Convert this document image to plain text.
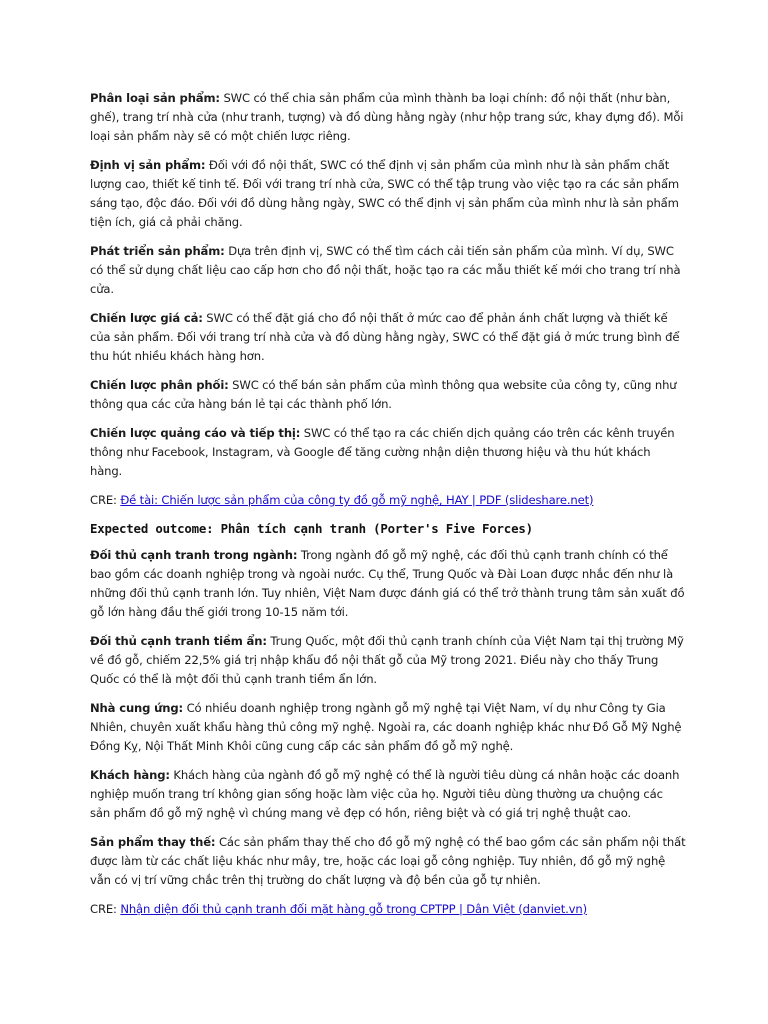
Phân loại sản phẩm: SWC có thể chia sản phẩm của mình thành ba loại chính: đồ nội thất (như bàn, ghế), trang trí nhà cửa (như tranh, tượng) và đồ dùng hằng ngày (như hộp trang sức, khay đựng đồ). Mỗi loại sản phẩm này sẽ có một chiến lược riêng.

Định vị sản phẩm: Đối với đồ nội thất, SWC có thể định vị sản phẩm của mình như là sản phẩm chất lượng cao, thiết kế tinh tế. Đối với trang trí nhà cửa, SWC có thể tập trung vào việc tạo ra các sản phẩm sáng tạo, độc đáo. Đối với đồ dùng hằng ngày, SWC có thể định vị sản phẩm của mình như là sản phẩm tiện ích, giá cả phải chăng.

Phát triển sản phẩm: Dựa trên định vị, SWC có thể tìm cách cải tiến sản phẩm của mình. Ví dụ, SWC có thể sử dụng chất liệu cao cấp hơn cho đồ nội thất, hoặc tạo ra các mẫu thiết kế mới cho trang trí nhà cửa.

Chiến lược giá cả: SWC có thể đặt giá cho đồ nội thất ở mức cao để phản ánh chất lượng và thiết kế của sản phẩm. Đối với trang trí nhà cửa và đồ dùng hằng ngày, SWC có thể đặt giá ở mức trung bình để thu hút nhiều khách hàng hơn.

Chiến lược phân phối: SWC có thể bán sản phẩm của mình thông qua website của công ty, cũng như thông qua các cửa hàng bán lẻ tại các thành phố lớn.

Chiến lược quảng cáo và tiếp thị: SWC có thể tạo ra các chiến dịch quảng cáo trên các kênh truyền thông như Facebook, Instagram, và Google để tăng cường nhận diện thương hiệu và thu hút khách hàng.

CRE: Đề tài: Chiến lược sản phẩm của công ty đồ gỗ mỹ nghệ, HAY | PDF (slideshare.net)

Expected outcome: Phân tích cạnh tranh (Porter's Five Forces)

Đối thủ cạnh tranh trong ngành: Trong ngành đồ gỗ mỹ nghệ, các đối thủ cạnh tranh chính có thể bao gồm các doanh nghiệp trong và ngoài nước. Cụ thể, Trung Quốc và Đài Loan được nhắc đến như là những đối thủ cạnh tranh lớn. Tuy nhiên, Việt Nam được đánh giá có thể trở thành trung tâm sản xuất đồ gỗ lớn hàng đầu thế giới trong 10-15 năm tới.

Đối thủ cạnh tranh tiềm ẩn: Trung Quốc, một đối thủ cạnh tranh chính của Việt Nam tại thị trường Mỹ về đồ gỗ, chiếm 22,5% giá trị nhập khẩu đồ nội thất gỗ của Mỹ trong 2021. Điều này cho thấy Trung Quốc có thể là một đối thủ cạnh tranh tiềm ẩn lớn.

Nhà cung ứng: Có nhiều doanh nghiệp trong ngành gỗ mỹ nghệ tại Việt Nam, ví dụ như Công ty Gia Nhiên, chuyên xuất khẩu hàng thủ công mỹ nghệ. Ngoài ra, các doanh nghiệp khác như Đồ Gỗ Mỹ Nghệ Đồng Kỵ, Nội Thất Minh Khôi cũng cung cấp các sản phẩm đồ gỗ mỹ nghệ.

Khách hàng: Khách hàng của ngành đồ gỗ mỹ nghệ có thể là người tiêu dùng cá nhân hoặc các doanh nghiệp muốn trang trí không gian sống hoặc làm việc của họ. Người tiêu dùng thường ưa chuộng các sản phẩm đồ gỗ mỹ nghệ vì chúng mang vẻ đẹp có hồn, riêng biệt và có giá trị nghệ thuật cao.

Sản phẩm thay thế: Các sản phẩm thay thế cho đồ gỗ mỹ nghệ có thể bao gồm các sản phẩm nội thất được làm từ các chất liệu khác như mây, tre, hoặc các loại gỗ công nghiệp. Tuy nhiên, đồ gỗ mỹ nghệ vẫn có vị trí vững chắc trên thị trường do chất lượng và độ bền của gỗ tự nhiên.

CRE: Nhận diện đối thủ cạnh tranh đối mặt hàng gỗ trong CPTPP | Dân Việt (danviet.vn)
